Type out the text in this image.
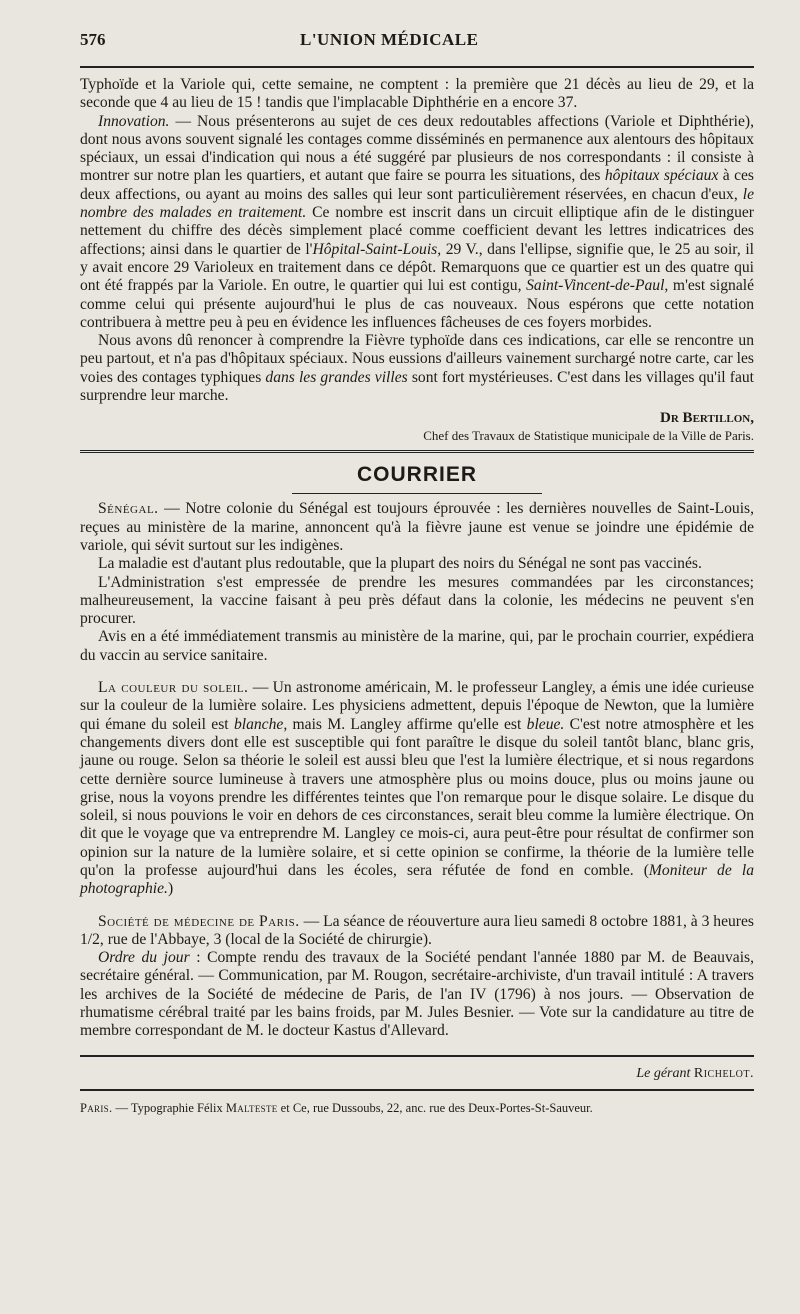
576	L'UNION MÉDICALE

Typhoïde et la Variole qui, cette semaine, ne comptent : la première que 21 décès au lieu de 29, et la seconde que 4 au lieu de 15 ! tandis que l'implacable Diphthérie en a encore 37.

Innovation. — Nous présenterons au sujet de ces deux redoutables affections (Variole et Diphthérie), dont nous avons souvent signalé les contages comme disséminés en permanence aux alentours des hôpitaux spéciaux, un essai d'indication qui nous a été suggéré par plusieurs de nos correspondants : il consiste à montrer sur notre plan les quartiers, et autant que faire se pourra les situations, des hôpitaux spéciaux à ces deux affections, ou ayant au moins des salles qui leur sont particulièrement réservées, en chacun d'eux, le nombre des malades en traitement. Ce nombre est inscrit dans un circuit elliptique afin de le distinguer nettement du chiffre des décès simplement placé comme coefficient devant les lettres indicatrices des affections; ainsi dans le quartier de l'Hôpital-Saint-Louis, 29 V., dans l'ellipse, signifie que, le 25 au soir, il y avait encore 29 Varioleux en traitement dans ce dépôt. Remarquons que ce quartier est un des quatre qui ont été frappés par la Variole. En outre, le quartier qui lui est contigu, Saint-Vincent-de-Paul, m'est signalé comme celui qui présente aujourd'hui le plus de cas nouveaux. Nous espérons que cette notation contribuera à mettre peu à peu en évidence les influences fâcheuses de ces foyers morbides.

Nous avons dû renoncer à comprendre la Fièvre typhoïde dans ces indications, car elle se rencontre un peu partout, et n'a pas d'hôpitaux spéciaux. Nous eussions d'ailleurs vainement surchargé notre carte, car les voies des contages typhiques dans les grandes villes sont fort mystérieuses. C'est dans les villages qu'il faut surprendre leur marche.

Dr Bertillon,
Chef des Travaux de Statistique municipale de la Ville de Paris.
COURRIER

Sénégal. — Notre colonie du Sénégal est toujours éprouvée : les dernières nouvelles de Saint-Louis, reçues au ministère de la marine, annoncent qu'à la fièvre jaune est venue se joindre une épidémie de variole, qui sévit surtout sur les indigènes.

La maladie est d'autant plus redoutable, que la plupart des noirs du Sénégal ne sont pas vaccinés.

L'Administration s'est empressée de prendre les mesures commandées par les circonstances; malheureusement, la vaccine faisant à peu près défaut dans la colonie, les médecins ne peuvent s'en procurer.

Avis en a été immédiatement transmis au ministère de la marine, qui, par le prochain courrier, expédiera du vaccin au service sanitaire.

La couleur du soleil. — Un astronome américain, M. le professeur Langley, a émis une idée curieuse sur la couleur de la lumière solaire. Les physiciens admettent, depuis l'époque de Newton, que la lumière qui émane du soleil est blanche, mais M. Langley affirme qu'elle est bleue. C'est notre atmosphère et les changements divers dont elle est susceptible qui font paraître le disque du soleil tantôt blanc, blanc gris, jaune ou rouge. Selon sa théorie le soleil est aussi bleu que l'est la lumière électrique, et si nous regardons cette dernière source lumineuse à travers une atmosphère plus ou moins douce, plus ou moins jaune ou grise, nous la voyons prendre les différentes teintes que l'on remarque pour le disque solaire. Le disque du soleil, si nous pouvions le voir en dehors de ces circonstances, serait bleu comme la lumière électrique. On dit que le voyage que va entreprendre M. Langley ce mois-ci, aura peut-être pour résultat de confirmer son opinion sur la nature de la lumière solaire, et si cette opinion se confirme, la théorie de la lumière telle qu'on la professe aujourd'hui dans les écoles, sera réfutée de fond en comble. (Moniteur de la photographie.)

Société de médecine de Paris. — La séance de réouverture aura lieu samedi 8 octobre 1881, à 3 heures 1/2, rue de l'Abbaye, 3 (local de la Société de chirurgie).

Ordre du jour : Compte rendu des travaux de la Société pendant l'année 1880 par M. de Beauvais, secrétaire général. — Communication, par M. Rougon, secrétaire-archiviste, d'un travail intitulé : A travers les archives de la Société de médecine de Paris, de l'an IV (1796) à nos jours. — Observation de rhumatisme cérébral traité par les bains froids, par M. Jules Besnier. — Vote sur la candidature au titre de membre correspondant de M. le docteur Kastus d'Allevard.

Le gérant Richelot.
Paris. — Typographie Félix Malteste et Ce, rue Dussoubs, 22, anc. rue des Deux-Portes-St-Sauveur.
